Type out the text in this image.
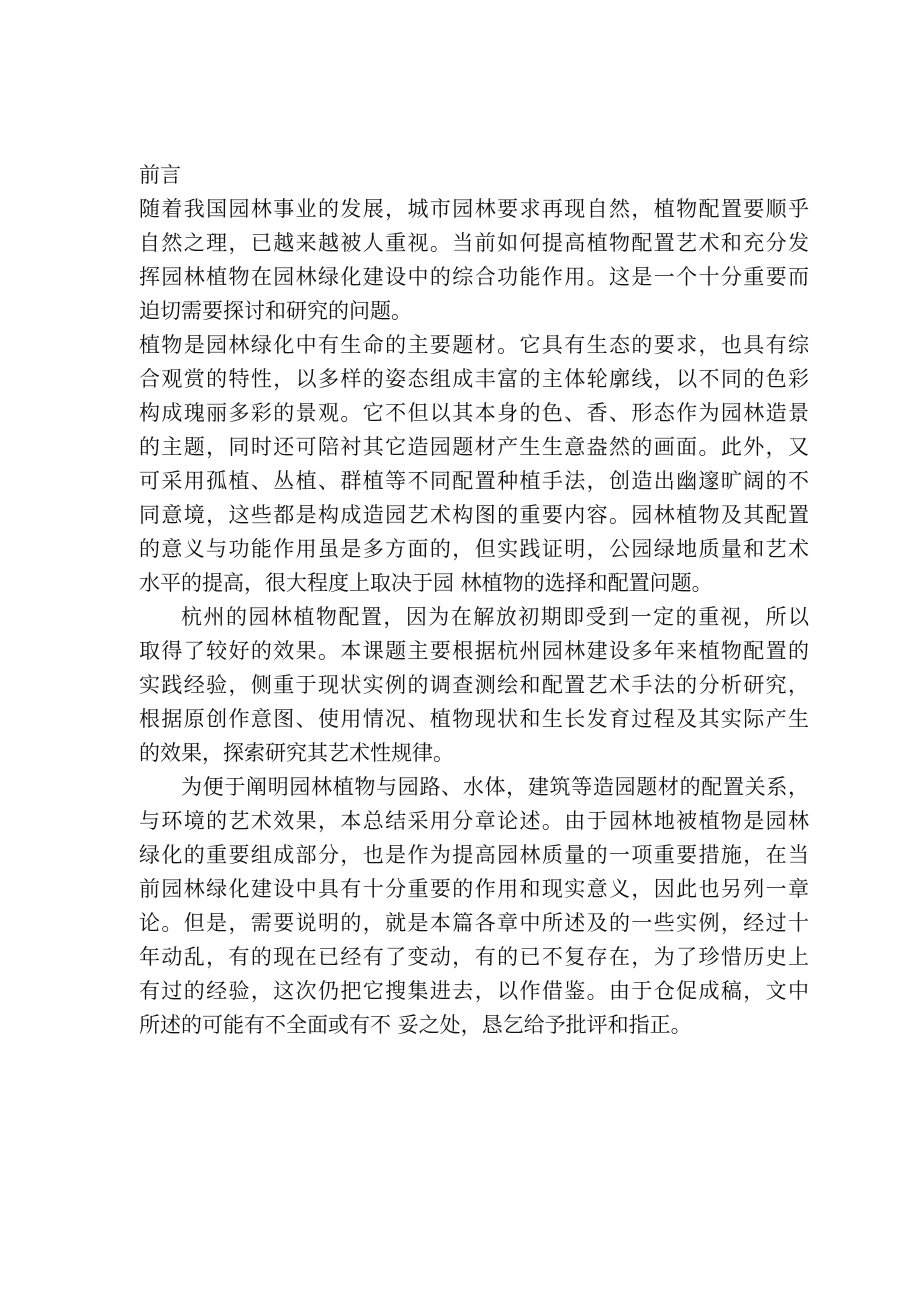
前言
随着我国园林事业的发展，城市园林要求再现自然，植物配置要顺乎
自然之理，已越来越被人重视。当前如何提高植物配置艺术和充分发
挥园林植物在园林绿化建设中的综合功能作用。这是一个十分重要而
迫切需要探讨和研究的问题。
植物是园林绿化中有生命的主要题材。它具有生态的要求，也具有综
合观赏的特性，以多样的姿态组成丰富的主体轮廓线，以不同的色彩
构成瑰丽多彩的景观。它不但以其本身的色、香、形态作为园林造景
的主题，同时还可陪衬其它造园题材产生生意盎然的画面。此外，又
可采用孤植、丛植、群植等不同配置种植手法，创造出幽邃旷阔的不
同意境，这些都是构成造园艺术构图的重要内容。园林植物及其配置
的意义与功能作用虽是多方面的，但实践证明，公园绿地质量和艺术
水平的提高，很大程度上取决于园 林植物的选择和配置问题。
杭州的园林植物配置，因为在解放初期即受到一定的重视，所以
取得了较好的效果。本课题主要根据杭州园林建设多年来植物配置的
实践经验，侧重于现状实例的调查测绘和配置艺术手法的分析研究，
根据原创作意图、使用情况、植物现状和生长发育过程及其实际产生
的效果，探索研究其艺术性规律。
为便于阐明园林植物与园路、水体，建筑等造园题材的配置关系，
与环境的艺术效果，本总结采用分章论述。由于园林地被植物是园林
绿化的重要组成部分，也是作为提高园林质量的一项重要措施，在当
前园林绿化建设中具有十分重要的作用和现实意义，因此也另列一章
论。但是，需要说明的，就是本篇各章中所述及的一些实例，经过十
年动乱，有的现在已经有了变动，有的已不复存在，为了珍惜历史上
有过的经验，这次仍把它搜集进去，以作借鉴。由于仓促成稿，文中
所述的可能有不全面或有不 妥之处，恳乞给予批评和指正。
